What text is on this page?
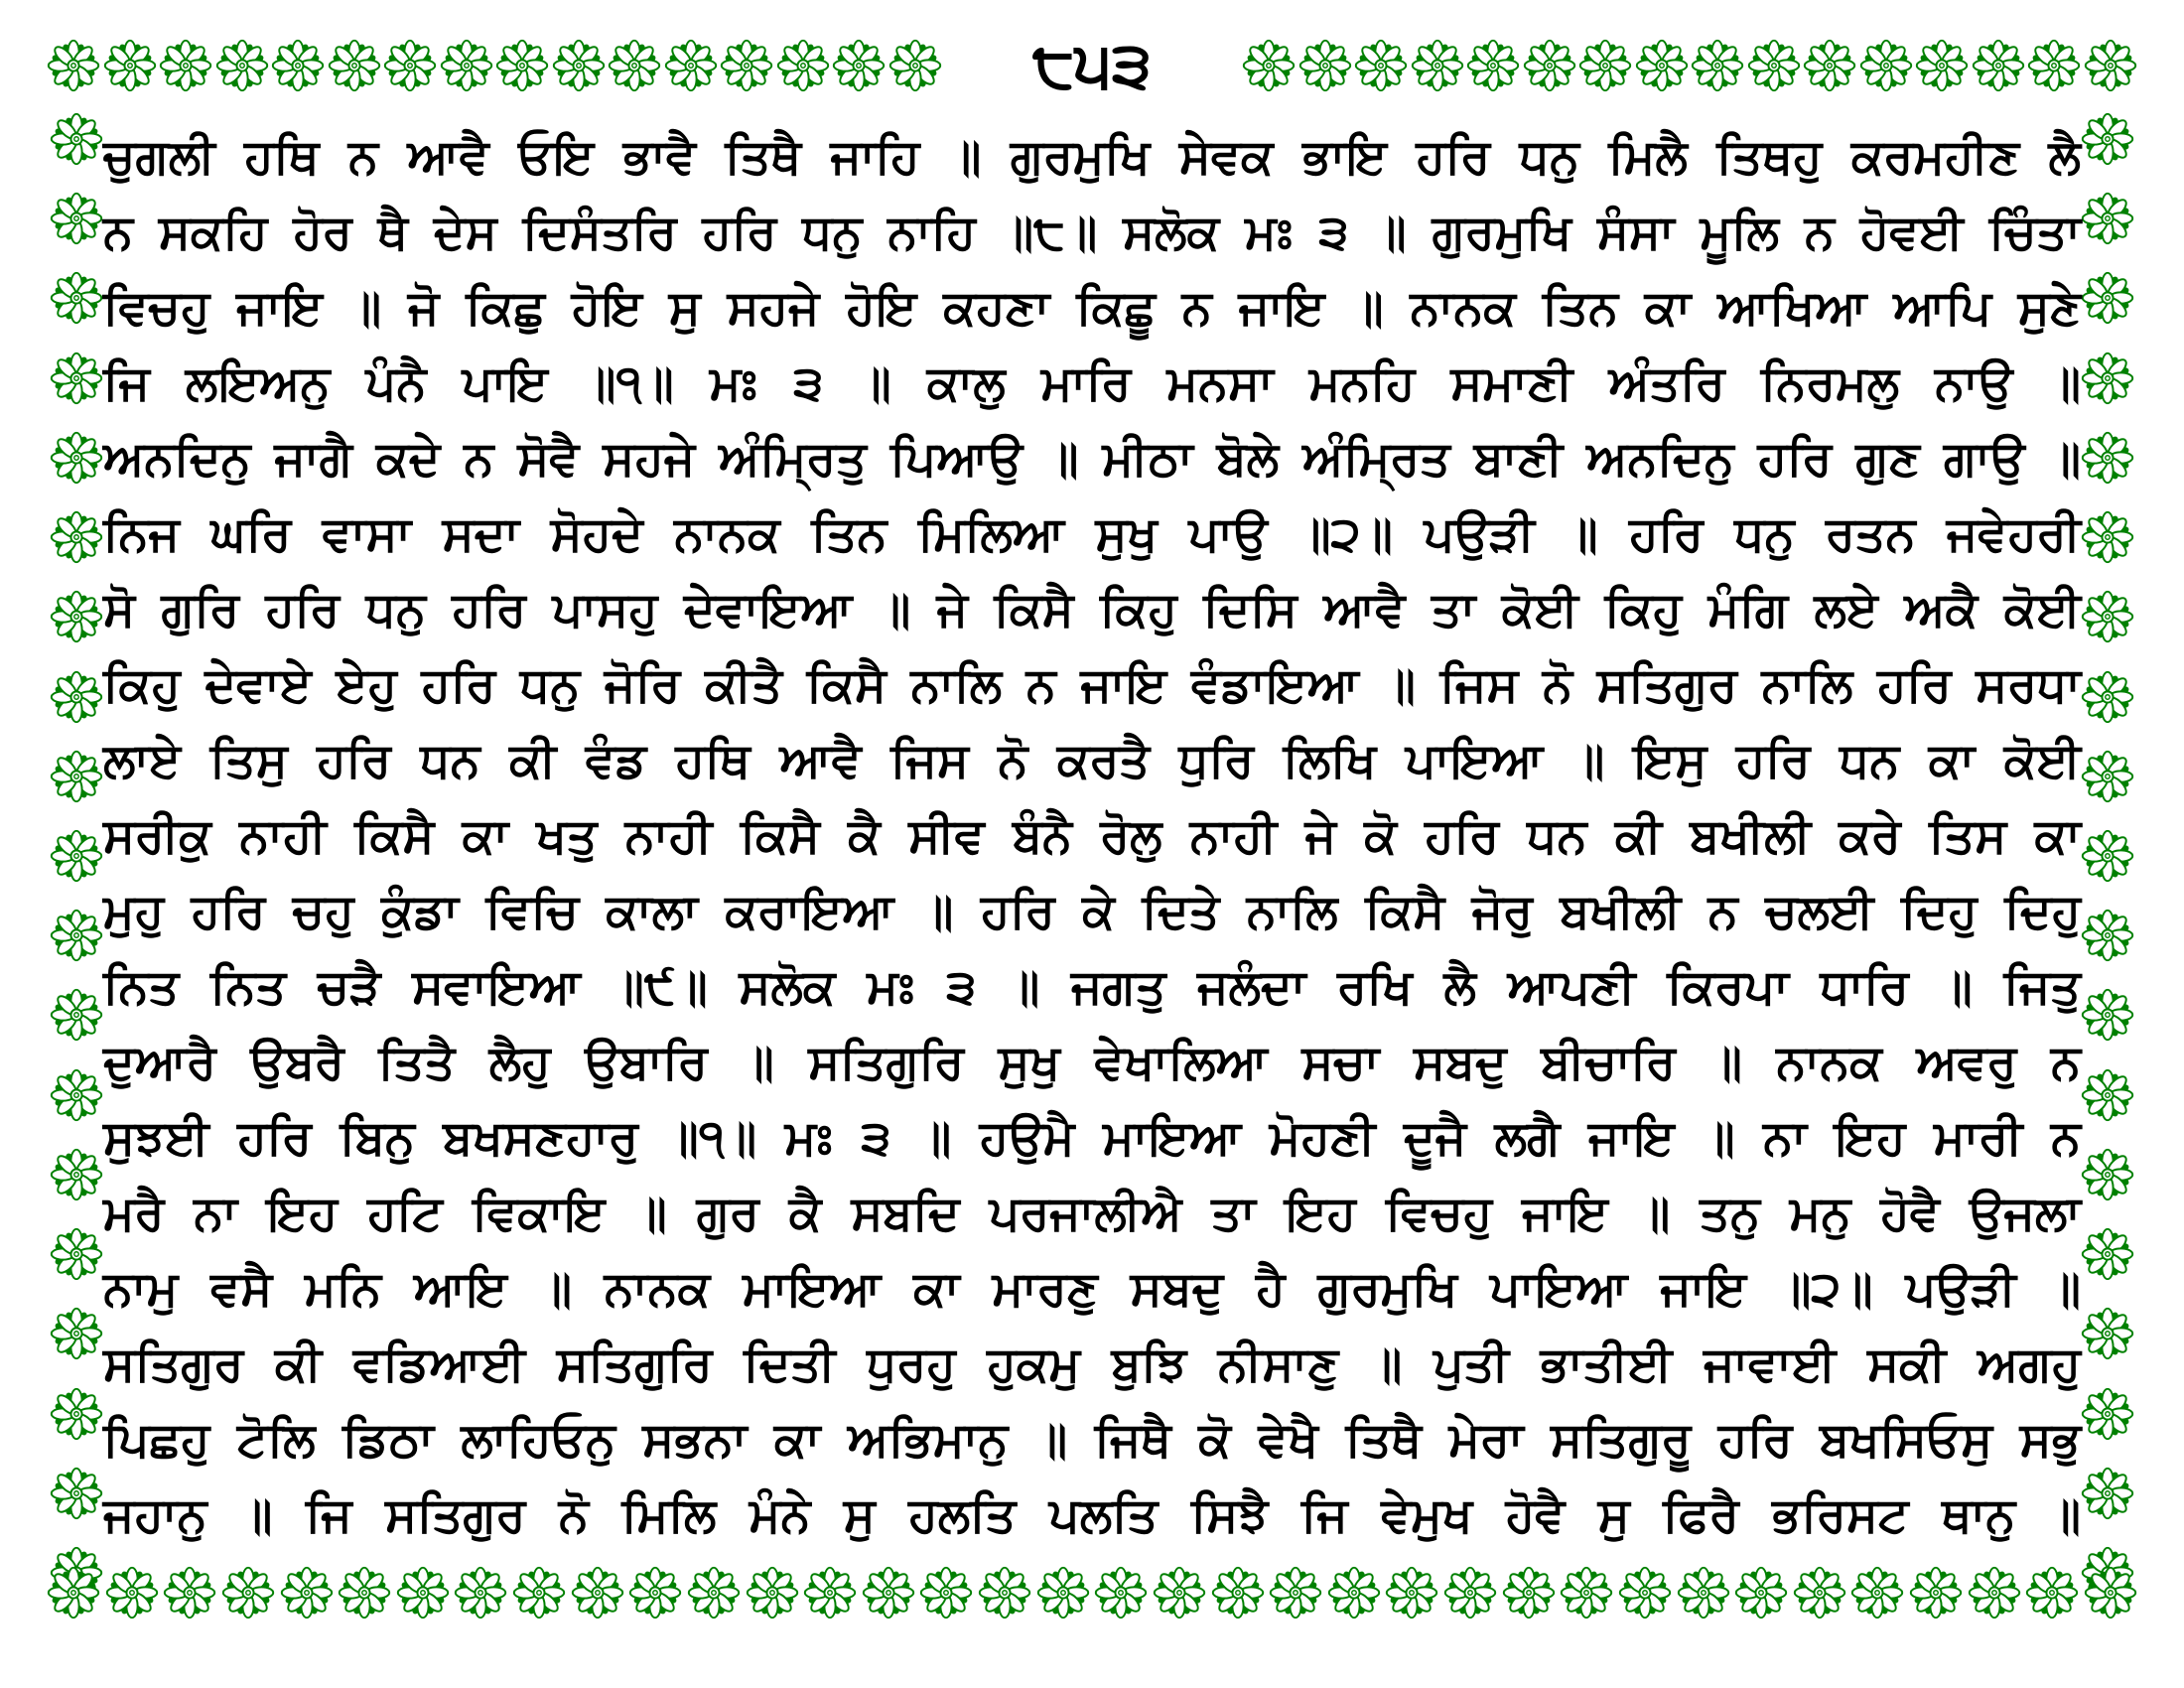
੮੫੩
ਚੁਗਲੀ ਹਥਿ ਨ ਆਵੈ ਓਇ ਭਾਵੈ ਤਿਥੈ ਜਾਹਿ ॥ ਗੁਰਮੁਖਿ ਸੇਵਕ ਭਾਇ ਹਰਿ ਧਨੁ ਮਿਲੈ ਤਿਥਹੁ ਕਰਮਹੀਣ ਲੈ
ਨ ਸਕਹਿ ਹੋਰ ਥੈ ਦੇਸ ਦਿਸੰਤਰਿ ਹਰਿ ਧਨੁ ਨਾਹਿ ॥੮॥ ਸਲੋਕ ਮਃ ੩ ॥ ਗੁਰਮੁਖਿ ਸੰਸਾ ਮੂਲਿ ਨ ਹੋਵਈ ਚਿੰਤਾ
ਵਿਚਹੁ ਜਾਇ ॥ ਜੋ ਕਿਛੁ ਹੋਇ ਸੁ ਸਹਜੇ ਹੋਇ ਕਹਣਾ ਕਿਛੂ ਨ ਜਾਇ ॥ ਨਾਨਕ ਤਿਨ ਕਾ ਆਖਿਆ ਆਪਿ ਸੁਣੇ
ਜਿ ਲਇਅਨੁ ਪੰਨੈ ਪਾਇ ॥੧॥ ਮਃ ੩ ॥ ਕਾਲੁ ਮਾਰਿ ਮਨਸਾ ਮਨਹਿ ਸਮਾਣੀ ਅੰਤਰਿ ਨਿਰਮਲੁ ਨਾਉ ॥
ਅਨਦਿਨੁ ਜਾਗੈ ਕਦੇ ਨ ਸੋਵੈ ਸਹਜੇ ਅੰਮ੍ਰਿਤੁ ਪਿਆਉ ॥ ਮੀਠਾ ਬੋਲੇ ਅੰਮ੍ਰਿਤ ਬਾਣੀ ਅਨਦਿਨੁ ਹਰਿ ਗੁਣ ਗਾਉ ॥
ਨਿਜ ਘਰਿ ਵਾਸਾ ਸਦਾ ਸੋਹਦੇ ਨਾਨਕ ਤਿਨ ਮਿਲਿਆ ਸੁਖੁ ਪਾਉ ॥੨॥ ਪਉੜੀ ॥ ਹਰਿ ਧਨੁ ਰਤਨ ਜਵੇਹਰੀ
ਸੋ ਗੁਰਿ ਹਰਿ ਧਨੁ ਹਰਿ ਪਾਸਹੁ ਦੇਵਾਇਆ ॥ ਜੇ ਕਿਸੈ ਕਿਹੁ ਦਿਸਿ ਆਵੈ ਤਾ ਕੋਈ ਕਿਹੁ ਮੰਗਿ ਲਏ ਅਕੈ ਕੋਈ
ਕਿਹੁ ਦੇਵਾਏ ਏਹੁ ਹਰਿ ਧਨੁ ਜੋਰਿ ਕੀਤੈ ਕਿਸੈ ਨਾਲਿ ਨ ਜਾਇ ਵੰਡਾਇਆ ॥ ਜਿਸ ਨੋ ਸਤਿਗੁਰ ਨਾਲਿ ਹਰਿ ਸਰਧਾ
ਲਾਏ ਤਿਸੁ ਹਰਿ ਧਨ ਕੀ ਵੰਡ ਹਥਿ ਆਵੈ ਜਿਸ ਨੋ ਕਰਤੈ ਧੁਰਿ ਲਿਖਿ ਪਾਇਆ ॥ ਇਸੁ ਹਰਿ ਧਨ ਕਾ ਕੋਈ
ਸਰੀਕੁ ਨਾਹੀ ਕਿਸੈ ਕਾ ਖਤੁ ਨਾਹੀ ਕਿਸੈ ਕੈ ਸੀਵ ਬੰਨੈ ਰੋਲੁ ਨਾਹੀ ਜੇ ਕੋ ਹਰਿ ਧਨ ਕੀ ਬਖੀਲੀ ਕਰੇ ਤਿਸ ਕਾ
ਮੁਹੁ ਹਰਿ ਚਹੁ ਕੁੰਡਾ ਵਿਚਿ ਕਾਲਾ ਕਰਾਇਆ ॥ ਹਰਿ ਕੇ ਦਿਤੇ ਨਾਲਿ ਕਿਸੈ ਜੋਰੁ ਬਖੀਲੀ ਨ ਚਲਈ ਦਿਹੁ ਦਿਹੁ
ਨਿਤ ਨਿਤ ਚੜੈ ਸਵਾਇਆ ॥੯॥ ਸਲੋਕ ਮਃ ੩ ॥ ਜਗਤੁ ਜਲੰਦਾ ਰਖਿ ਲੈ ਆਪਣੀ ਕਿਰਪਾ ਧਾਰਿ ॥ ਜਿਤੁ
ਦੁਆਰੈ ਉਬਰੈ ਤਿਤੈ ਲੈਹੁ ਉਬਾਰਿ ॥ ਸਤਿਗੁਰਿ ਸੁਖੁ ਵੇਖਾਲਿਆ ਸਚਾ ਸਬਦੁ ਬੀਚਾਰਿ ॥ ਨਾਨਕ ਅਵਰੁ ਨ
ਸੁਝਈ ਹਰਿ ਬਿਨੁ ਬਖਸਣਹਾਰੁ ॥੧॥ ਮਃ ੩ ॥ ਹਉਮੈ ਮਾਇਆ ਮੋਹਣੀ ਦੂਜੈ ਲਗੈ ਜਾਇ ॥ ਨਾ ਇਹ ਮਾਰੀ ਨ
ਮਰੈ ਨਾ ਇਹ ਹਟਿ ਵਿਕਾਇ ॥ ਗੁਰ ਕੈ ਸਬਦਿ ਪਰਜਾਲੀਐ ਤਾ ਇਹ ਵਿਚਹੁ ਜਾਇ ॥ ਤਨੁ ਮਨੁ ਹੋਵੈ ਉਜਲਾ
ਨਾਮੁ ਵਸੈ ਮਨਿ ਆਇ ॥ ਨਾਨਕ ਮਾਇਆ ਕਾ ਮਾਰਣੁ ਸਬਦੁ ਹੈ ਗੁਰਮੁਖਿ ਪਾਇਆ ਜਾਇ ॥੨॥ ਪਉੜੀ ॥
ਸਤਿਗੁਰ ਕੀ ਵਡਿਆਈ ਸਤਿਗੁਰਿ ਦਿਤੀ ਧੁਰਹੁ ਹੁਕਮੁ ਬੁਝਿ ਨੀਸਾਣੁ ॥ ਪੁਤੀ ਭਾਤੀਈ ਜਾਵਾਈ ਸਕੀ ਅਗਹੁ
ਪਿਛਹੁ ਟੋਲਿ ਡਿਠਾ ਲਾਹਿਓਨੁ ਸਭਨਾ ਕਾ ਅਭਿਮਾਨੁ ॥ ਜਿਥੈ ਕੋ ਵੇਖੈ ਤਿਥੈ ਮੇਰਾ ਸਤਿਗੁਰੂ ਹਰਿ ਬਖਸਿਓਸੁ ਸਭੁ
ਜਹਾਨੁ ॥ ਜਿ ਸਤਿਗੁਰ ਨੋ ਮਿਲਿ ਮੰਨੇ ਸੁ ਹਲਤਿ ਪਲਤਿ ਸਿਝੈ ਜਿ ਵੇਮੁਖ ਹੋਵੈ ਸੁ ਫਿਰੈ ਭਰਿਸਟ ਥਾਨੁ ॥
